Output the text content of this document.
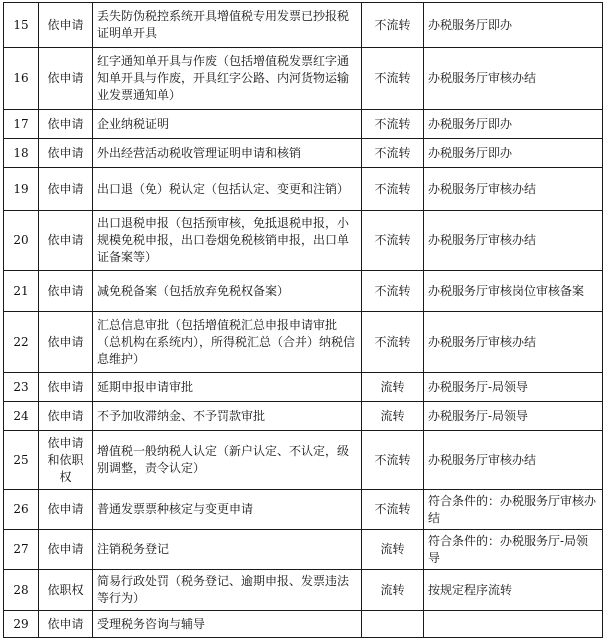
15	依申请	丢失防伪税控系统开具增值税专用发票已抄报税证明单开具	不流转	办税服务厅即办
16	依申请	红字通知单开具与作废（包括增值税发票红字通知单开具与作废，开具红字公路、内河货物运输业发票通知单）	不流转	办税服务厅审核办结
17	依申请	企业纳税证明	不流转	办税服务厅即办
18	依申请	外出经营活动税收管理证明申请和核销	不流转	办税服务厅即办
19	依申请	出口退（免）税认定（包括认定、变更和注销）	不流转	办税服务厅审核办结
20	依申请	出口退税申报（包括预审核，免抵退税申报，小规模免税申报，出口卷烟免税核销申报，出口单证备案等）	不流转	办税服务厅审核办结
21	依申请	减免税备案（包括放弃免税权备案）	不流转	办税服务厅审核岗位审核备案
22	依申请	汇总信息审批（包括增值税汇总申报申请审批（总机构在系统内），所得税汇总（合并）纳税信息维护）	不流转	办税服务厅审核办结
23	依申请	延期申报申请审批	流转	办税服务厅-局领导
24	依申请	不予加收滞纳金、不予罚款审批	流转	办税服务厅-局领导
25	依申请和依职权	增值税一般纳税人认定（新户认定、不认定，级别调整，责令认定）	不流转	办税服务厅审核办结
26	依申请	普通发票票种核定与变更申请	不流转	符合条件的：办税服务厅审核办结
27	依申请	注销税务登记	流转	符合条件的：办税服务厅-局领导
28	依职权	简易行政处罚（税务登记、逾期申报、发票违法等行为）	流转	按规定程序流转
29	依申请	受理税务咨询与辅导		
